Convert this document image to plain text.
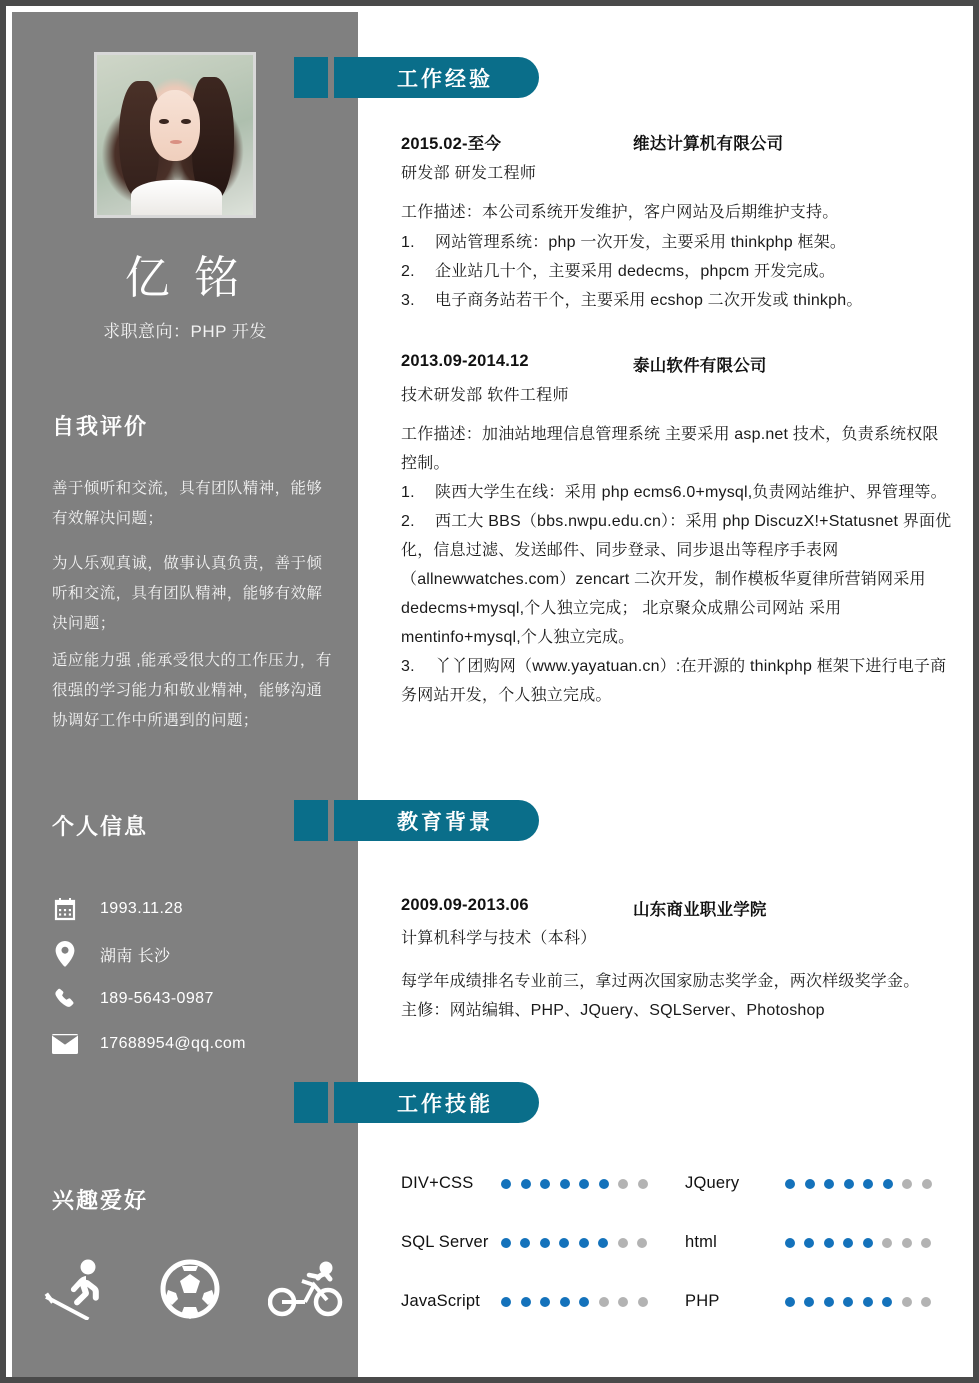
亿 铭
求职意向：PHP 开发
自我评价
善于倾听和交流，具有团队精神，能够有效解决问题；
为人乐观真诚，做事认真负责，善于倾听和交流，具有团队精神，能够有效解决问题；
适应能力强 ,能承受很大的工作压力，有很强的学习能力和敬业精神，能够沟通协调好工作中所遇到的问题；
个人信息
1993.11.28
湖南 长沙
189-5643-0987
17688954@qq.com
兴趣爱好
工作经验
2015.02-至今	维达计算机有限公司
研发部 研发工程师
工作描述：本公司系统开发维护，客户网站及后期维护支持。
1. 网站管理系统：php 一次开发，主要采用 thinkphp 框架。
2. 企业站几十个，主要采用 dedecms，phpcm 开发完成。
3. 电子商务站若干个，主要采用 ecshop 二次开发或 thinkph。
2013.09-2014.12	泰山软件有限公司
技术研发部 软件工程师
工作描述：加油站地理信息管理系统 主要采用 asp.net 技术，负责系统权限控制。
1. 陕西大学生在线：采用 php ecms6.0+mysql,负责网站维护、界管理等。
2. 西工大 BBS（bbs.nwpu.edu.cn）：采用 php DiscuzX!+Statusnet 界面优化，信息过滤、发送邮件、同步登录、同步退出等程序手表网（allnewwatches.com）zencart 二次开发，制作模板华夏律所营销网采用 dedecms+mysql,个人独立完成； 北京聚众成鼎公司网站 采用 mentinfo+mysql,个人独立完成。
3. 丫丫团购网（www.yayatuan.cn）:在开源的 thinkphp 框架下进行电子商务网站开发，个人独立完成。
教育背景
2009.09-2013.06	山东商业职业学院
计算机科学与技术（本科）
每学年成绩排名专业前三，拿过两次国家励志奖学金，两次样级奖学金。
主修：网站编辑、PHP、JQuery、SQLServer、Photoshop
工作技能
DIV+CSS	JQuery
SQL Server	html
JavaScript	PHP
